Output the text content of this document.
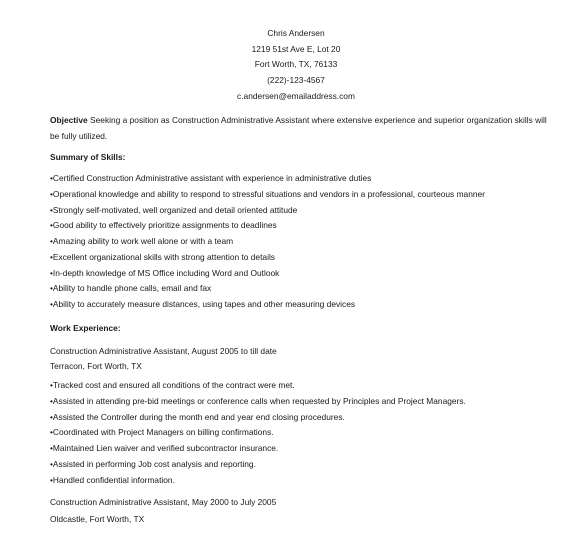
Chris Andersen
1219 51st Ave E, Lot 20
Fort Worth, TX, 76133
(222)-123-4567
c.andersen@emailaddress.com
Objective Seeking a position as Construction Administrative Assistant where extensive experience and superior organization skills will be fully utilized.
Summary of Skills:
•Certified Construction Administrative assistant with experience in administrative duties
•Operational knowledge and ability to respond to stressful situations and vendors in a professional, courteous manner
•Strongly self-motivated, well organized and detail oriented attitude
•Good ability to effectively prioritize assignments to deadlines
•Amazing ability to work well alone or with a team
•Excellent organizational skills with strong attention to details
•In-depth knowledge of MS Office including Word and Outlook
•Ability to handle phone calls, email and fax
•Ability to accurately measure distances, using tapes and other measuring devices
Work Experience:
Construction Administrative Assistant, August 2005 to till date
Terracon, Fort Worth, TX
•Tracked cost and ensured all conditions of the contract were met.
•Assisted in attending pre-bid meetings or conference calls when requested by Principles and Project Managers.
•Assisted the Controller during the month end and year end closing procedures.
•Coordinated with Project Managers on billing confirmations.
•Maintained Lien waiver and verified subcontractor insurance.
•Assisted in performing Job cost analysis and reporting.
•Handled confidential information.
Construction Administrative Assistant, May 2000 to July 2005
Oldcastle, Fort Worth, TX
